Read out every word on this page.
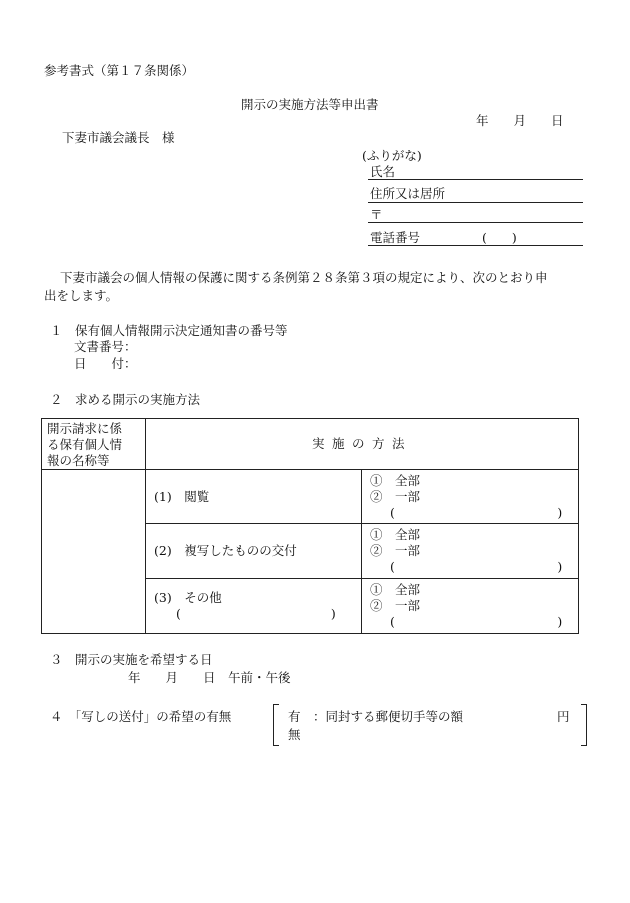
参考書式（第１７条関係）
開示の実施方法等申出書
年　　月　　日
下妻市議会議長　様
(ふりがな)
氏名
住所又は居所
〒
電話番号	(　　)
下妻市議会の個人情報の保護に関する条例第２８条第３項の規定により、次のとおり申
出をします。
１　保有個人情報開示決定通知書の番号等
文書番号：
日　　付：
２　求める開示の実施方法
開示請求に係
る保有個人情
報の名称等	実施の方法	
	(1)　閲覧	①　全部
②　一部
(　　　　　　　　　　　　　)

	(2)　複写したものの交付	①　全部
②　一部
(　　　　　　　　　　　　　)

	(3)　その他
(　　　　　　　　　　　　)	①　全部
②　一部
(　　　　　　　　　　　　　)
３　開示の実施を希望する日
年　　月　　日　午前・午後
４　「写しの送付」の希望の有無	有　：同封する郵便切手等の額	円
無
